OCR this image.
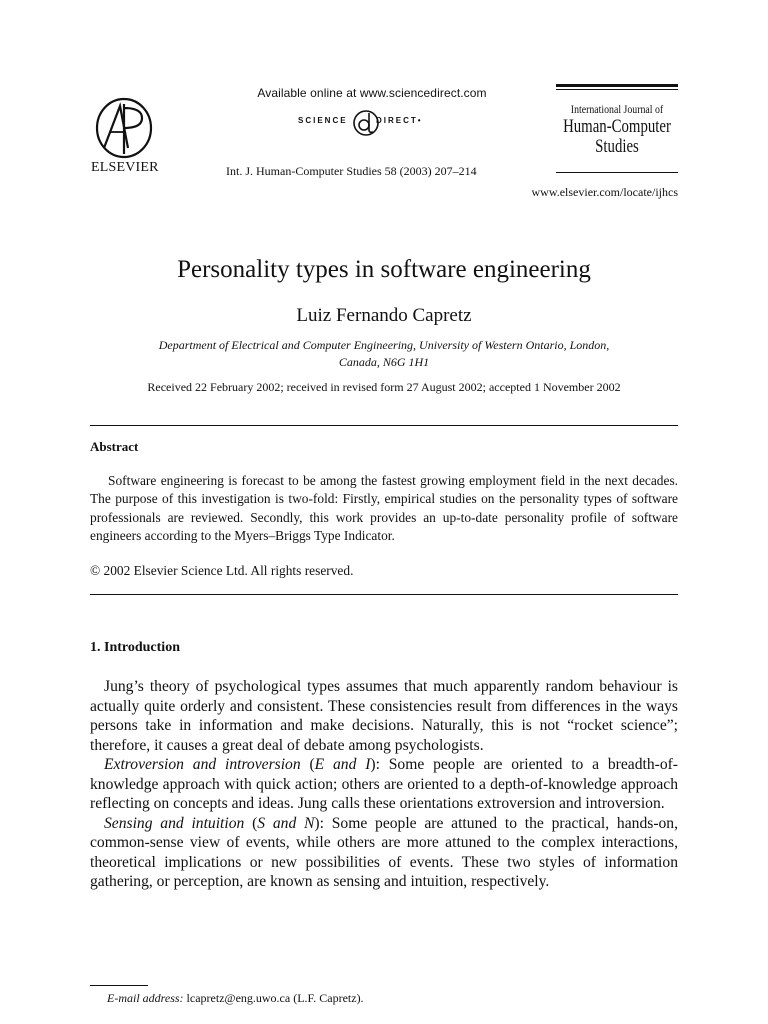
ELSEVIER
Available online at www.sciencedirect.com
SCIENCE	DIRECT•
Int. J. Human-Computer Studies 58 (2003) 207–214
International Journal of
Human-Computer
Studies
www.elsevier.com/locate/ijhcs
Personality types in software engineering
Luiz Fernando Capretz
Department of Electrical and Computer Engineering, University of Western Ontario, London,
Canada, N6G 1H1
Received 22 February 2002; received in revised form 27 August 2002; accepted 1 November 2002
Abstract

Software engineering is forecast to be among the fastest growing employment field in the next decades. The purpose of this investigation is two-fold: Firstly, empirical studies on the personality types of software professionals are reviewed. Secondly, this work provides an up-to-date personality profile of software engineers according to the Myers–Briggs Type Indicator.

© 2002 Elsevier Science Ltd. All rights reserved.
1. Introduction

Jung’s theory of psychological types assumes that much apparently random behaviour is actually quite orderly and consistent. These consistencies result from differences in the ways persons take in information and make decisions. Naturally, this is not “rocket science”; therefore, it causes a great deal of debate among psychologists.

Extroversion and introversion (E and I): Some people are oriented to a breadth-of-knowledge approach with quick action; others are oriented to a depth-of-knowledge approach reflecting on concepts and ideas. Jung calls these orientations extroversion and introversion.

Sensing and intuition (S and N): Some people are attuned to the practical, hands-on, common-sense view of events, while others are more attuned to the complex interactions, theoretical implications or new possibilities of events. These two styles of information gathering, or perception, are known as sensing and intuition, respectively.

E-mail address: lcapretz@eng.uwo.ca (L.F. Capretz).
